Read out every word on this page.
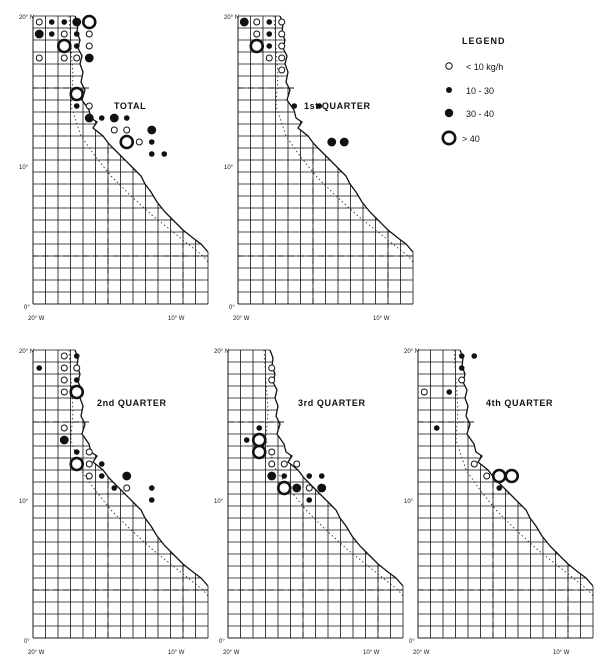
LEGEND
< 10 kg/h
10 - 30
30 - 40
> 40
TOTAL
20° N
10°
0°
20° W	10° W
1st QUARTER
20° N
10°
0°
20° W	10° W
2nd QUARTER
20° N
10°
0°
20° W	10° W
3rd QUARTER
20° N
10°
0°
20° W	10° W
4th QUARTER
20° N
10°
0°
20° W	10° W
